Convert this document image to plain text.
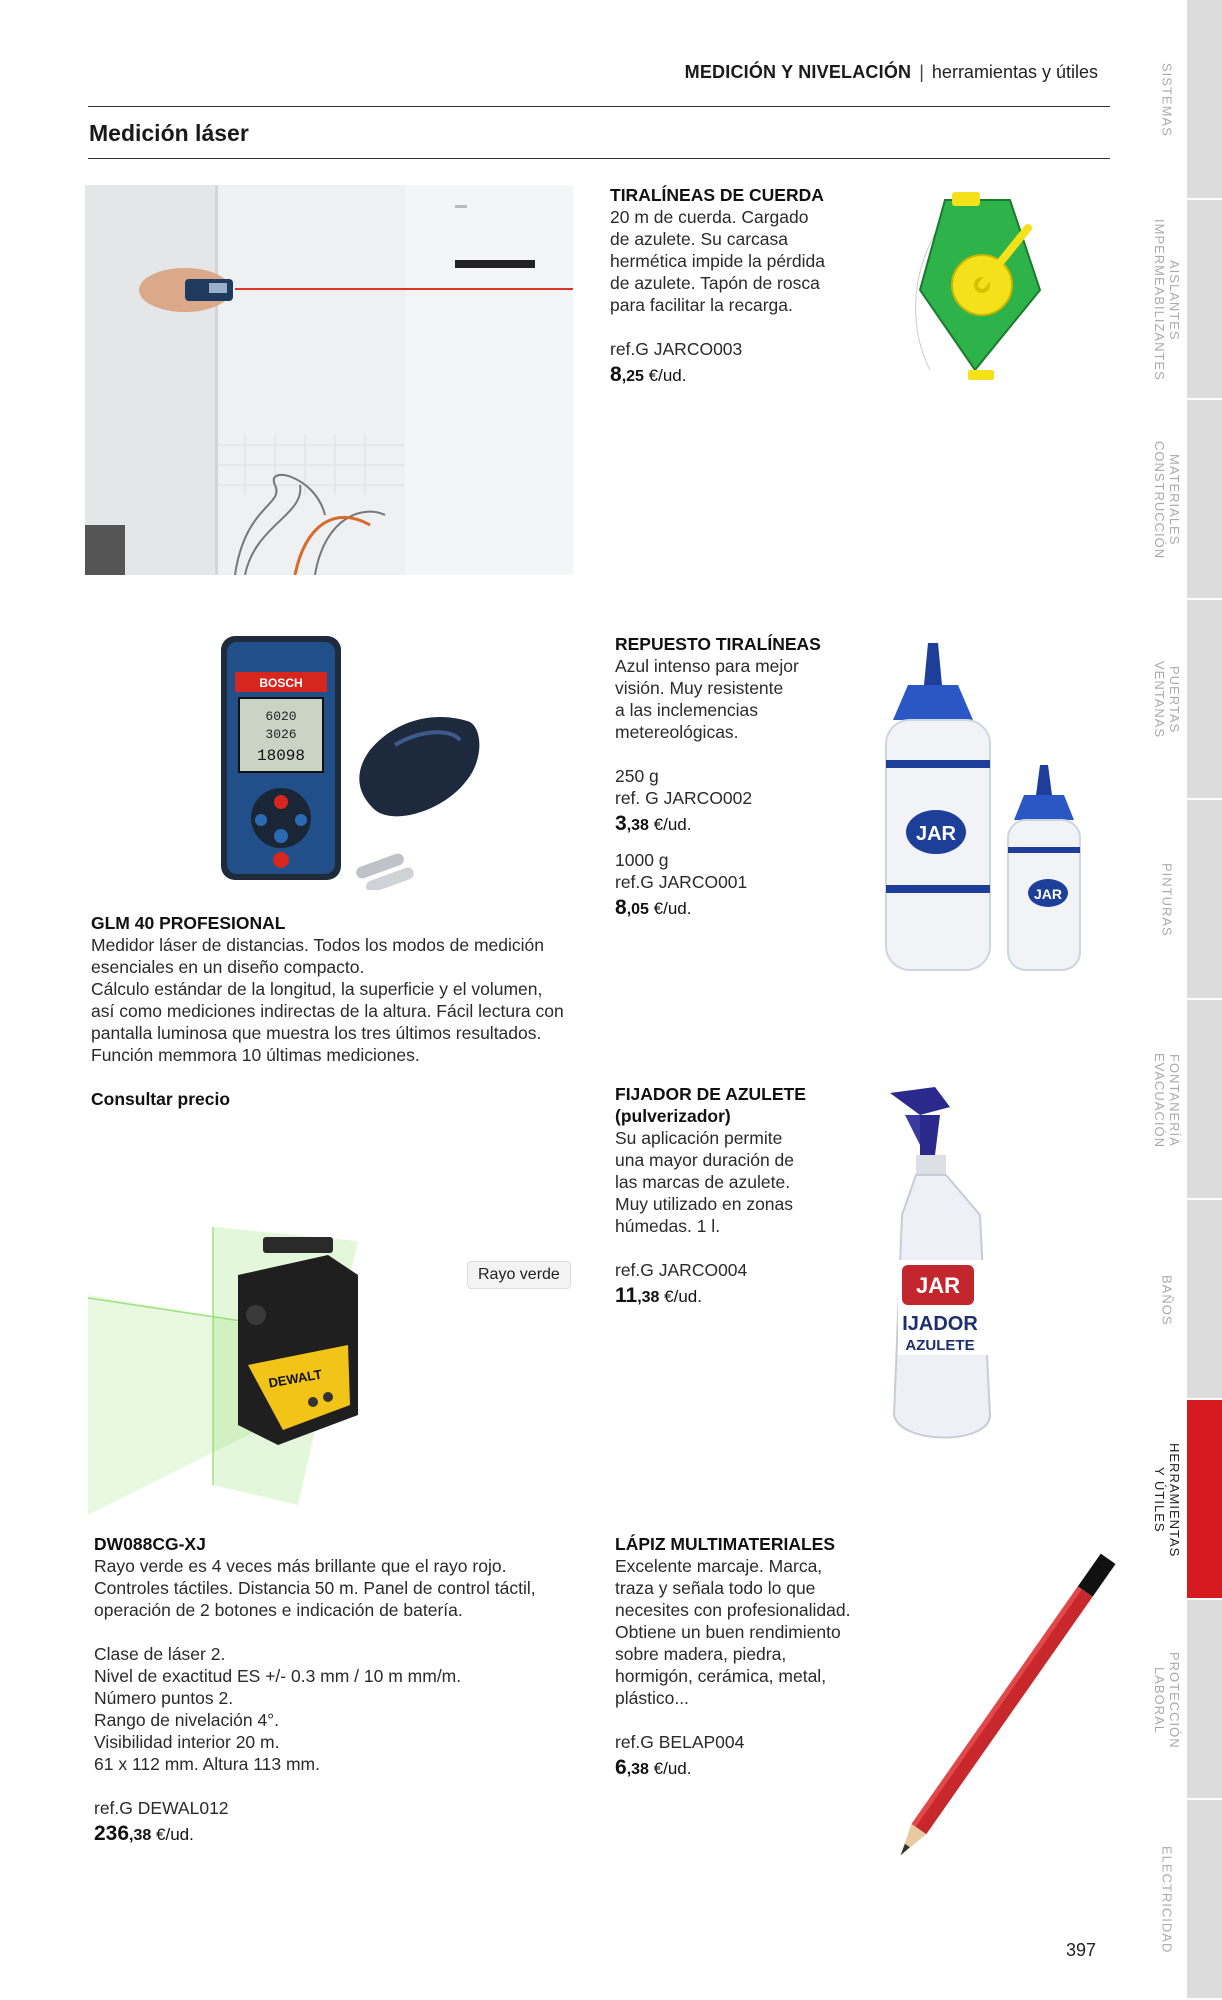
MEDICIÓN Y NIVELACIÓN | herramientas y útiles
Medición láser
TIRALÍNEAS DE CUERDA
20 m de cuerda. Cargado
de azulete. Su carcasa
hermética impide la pérdida
de azulete. Tapón de rosca
para facilitar la recarga.
ref.G JARCO003
8,25 €/ud.
BOSCH
6020
3026
18098
GLM 40 PROFESIONAL
Medidor láser de distancias. Todos los modos de medición
esenciales en un diseño compacto.
Cálculo estándar de la longitud, la superficie y el volumen,
así como mediciones indirectas de la altura. Fácil lectura con
pantalla luminosa que muestra los tres últimos resultados.
Función memmora 10 últimas mediciones.
Consultar precio
REPUESTO TIRALÍNEAS
Azul intenso para mejor
visión. Muy resistente
a las inclemencias
metereológicas.
250 g
ref. G JARCO002
3,38 €/ud.
1000 g
ref.G JARCO001
8,05 €/ud.
JAR
JAR
FIJADOR DE AZULETE
(pulverizador)
Su aplicación permite
una mayor duración de
las marcas de azulete.
Muy utilizado en zonas
húmedas. 1 l.
ref.G JARCO004
11,38 €/ud.	JAR
IJADOR
AZULETE
DEWALT
Rayo verde
DW088CG-XJ
Rayo verde es 4 veces más brillante que el rayo rojo.
Controles táctiles. Distancia 50 m. Panel de control táctil,
operación de 2 botones e indicación de batería.
Clase de láser 2.
Nivel de exactitud ES +/- 0.3 mm / 10 m mm/m.
Número puntos 2.
Rango de nivelación 4°.
Visibilidad interior 20 m.
61 x 112 mm. Altura 113 mm.
ref.G DEWAL012
236,38 €/ud.
LÁPIZ MULTIMATERIALES
Excelente marcaje. Marca,
traza y señala todo lo que
necesites con profesionalidad.
Obtiene un buen rendimiento
sobre madera, piedra,
hormigón, cerámica, metal,
plástico...
ref.G BELAP004
6,38 €/ud.
SISTEMAS
AISLANTES
IMPERMEABILIZANTES
MATERIALES
CONSTRUCCIÓN
PUERTAS
VENTANAS
PINTURAS
FONTANERÍA
EVACUACIÓN
BAÑOS
HERRAMIENTAS
Y ÚTILES
PROTECCIÓN
LABORAL
ELECTRICIDAD
397
